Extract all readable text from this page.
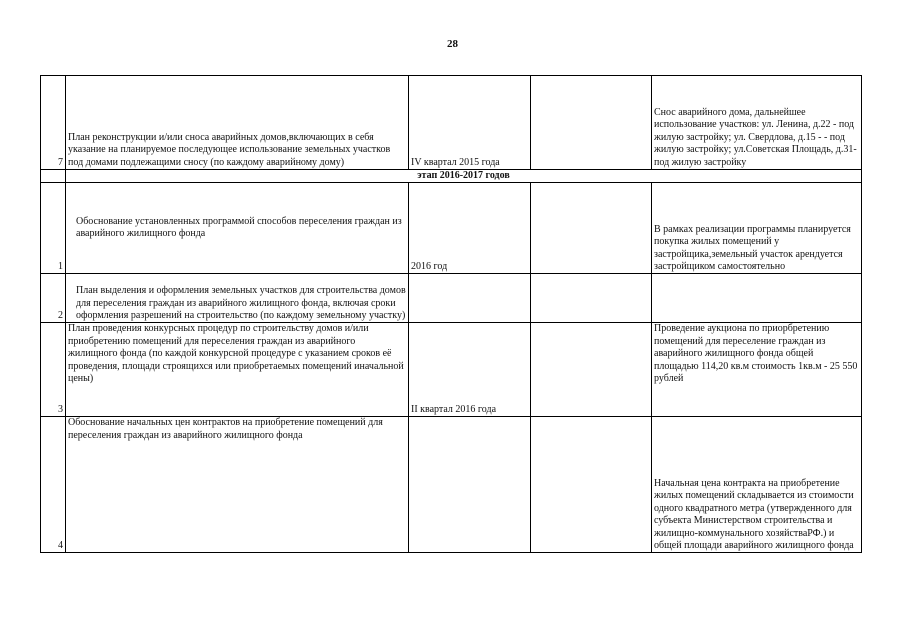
28
7	План реконструкции и/или сноса аварийных домов,включающих в себя указание на планируемое последующее использование земельных участков под домами подлежащими сносу (по каждому аварийному дому)	IV квартал 2015 года		Снос аварийного дома, дальнейшее использование участков: ул. Ленина, д.22 - под жилую застройку; ул. Свердлова, д.15 - - под жилую застройку; ул.Советская Площадь, д.31- под жилую застройку
	этап 2016-2017 годов			
1	Обоснование установленных программой способов переселения граждан из аварийного жилищного фонда	2016 год		В рамках реализации программы планируется покупка жилых помещений у застройщика,земельный участок арендуется застройщиком самостоятельно
2	План выделения и оформления земельных участков для строительства домов для переселения граждан из аварийного жилищного фонда, включая сроки оформления разрешений на строительство (по каждому земельному участку)			
3	План проведения конкурсных процедур по строительству домов и/или приобретению помещений для переселения граждан из аварийного жилищного фонда (по каждой конкурсной процедуре с указанием сроков её проведения, площади строящихся или приобретаемых помещений иначальной цены)	II квартал 2016 года		Проведение аукциона по приорбретению помещений для переселение граждан из аварийного жилищного фонда общей площадью 114,20 кв.м стоимость 1кв.м - 25 550 рублей
4	Обоснование начальных цен контрактов на приобретение помещений для переселения граждан из аварийного жилищного фонда			Начальная цена контракта на приобретение жилых помещений складывается из стоимости одного квадратного метра (утвержденного для субъекта Министерством строительства и жилищно-коммунального хозяйстваРФ.) и общей площади аварийного жилищного фонда
